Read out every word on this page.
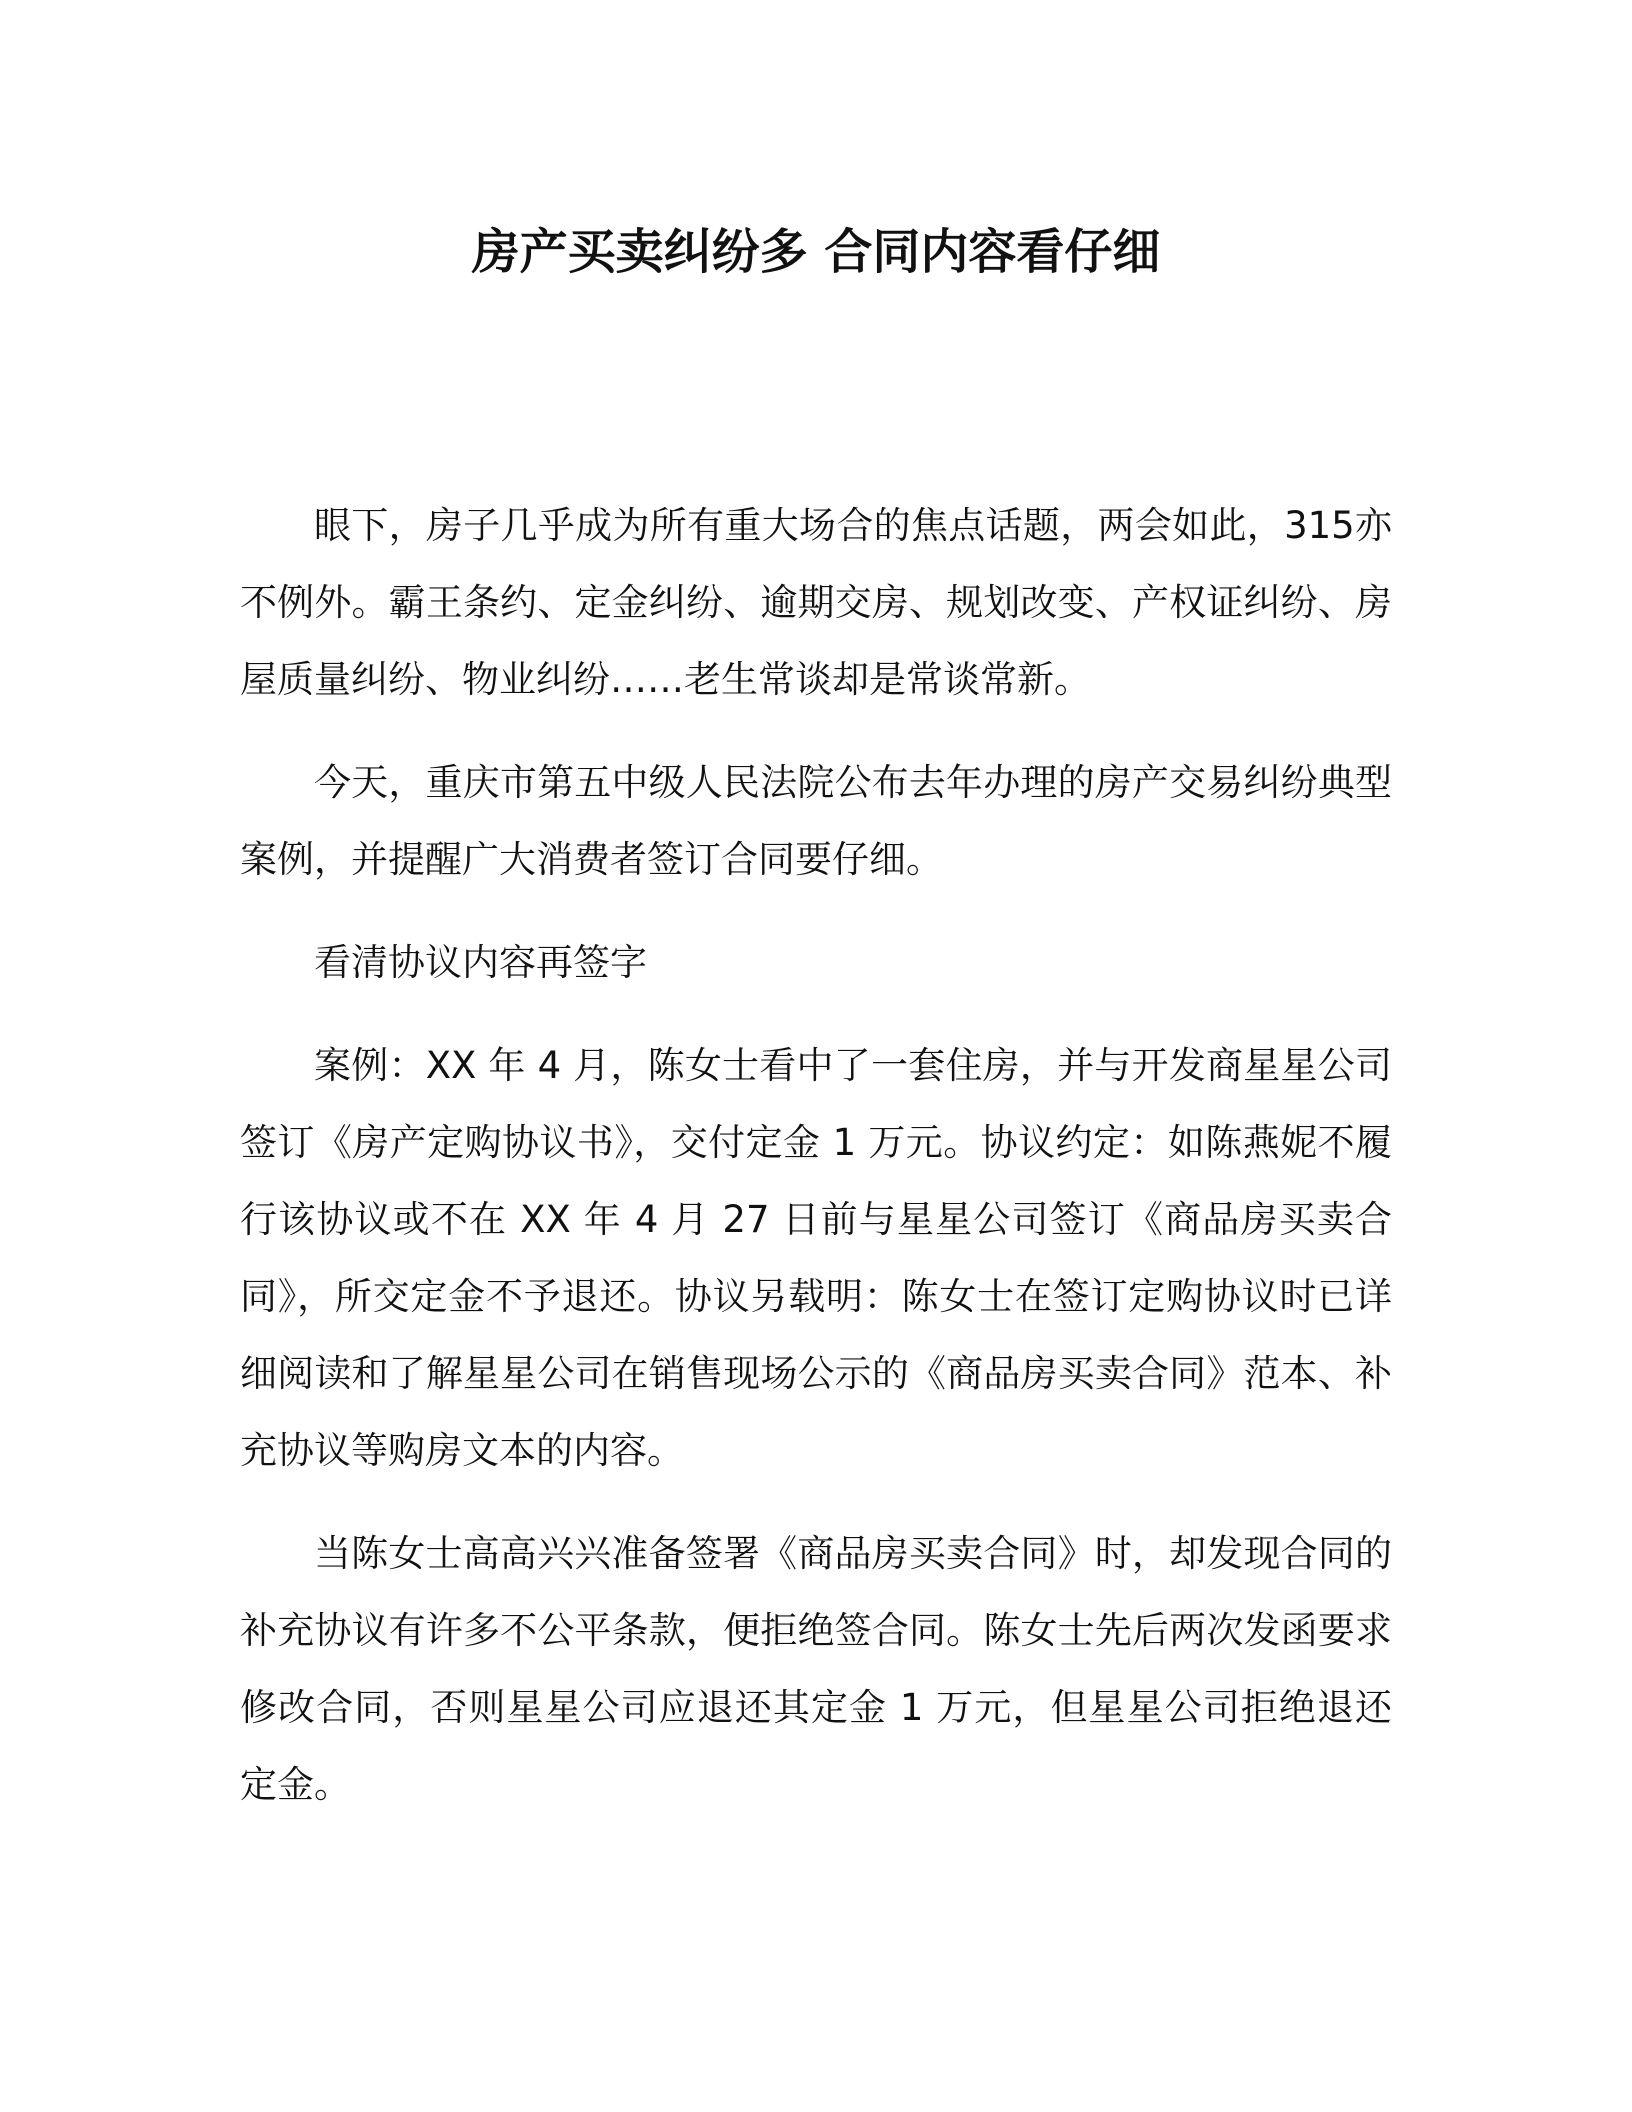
房产买卖纠纷多 合同内容看仔细

眼下，房子几乎成为所有重大场合的焦点话题，两会如此，315亦不例外。霸王条约、定金纠纷、逾期交房、规划改变、产权证纠纷、房屋质量纠纷、物业纠纷……老生常谈却是常谈常新。

今天，重庆市第五中级人民法院公布去年办理的房产交易纠纷典型案例，并提醒广大消费者签订合同要仔细。

看清协议内容再签字

案例：XX 年 4 月，陈女士看中了一套住房，并与开发商星星公司签订《房产定购协议书》，交付定金 1 万元。协议约定：如陈燕妮不履行该协议或不在 XX 年 4 月 27 日前与星星公司签订《商品房买卖合同》，所交定金不予退还。协议另载明：陈女士在签订定购协议时已详细阅读和了解星星公司在销售现场公示的《商品房买卖合同》范本、补充协议等购房文本的内容。

当陈女士高高兴兴准备签署《商品房买卖合同》时，却发现合同的补充协议有许多不公平条款，便拒绝签合同。陈女士先后两次发函要求修改合同，否则星星公司应退还其定金 1 万元，但星星公司拒绝退还定金。
